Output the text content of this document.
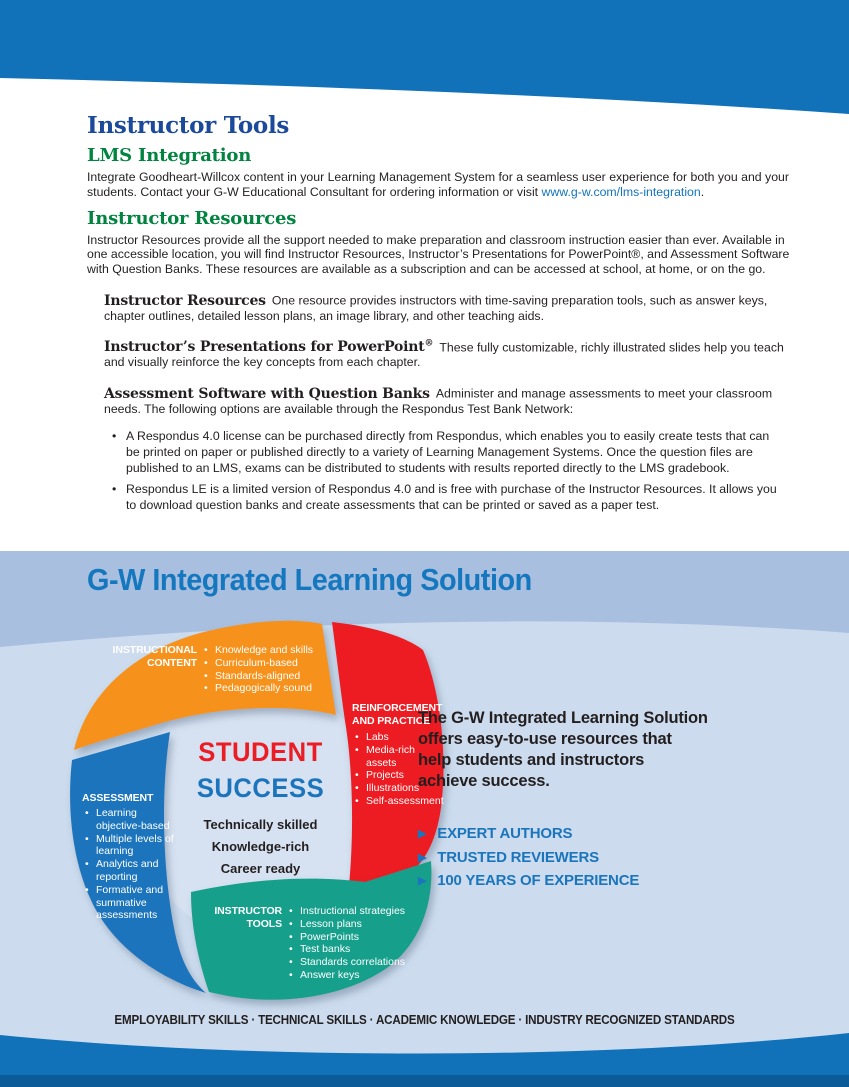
Instructor Tools
LMS Integration

Integrate Goodheart-Willcox content in your Learning Management System for a seamless user experience for both you and your students. Contact your G-W Educational Consultant for ordering information or visit www.g-w.com/lms-integration.

Instructor Resources

Instructor Resources provide all the support needed to make preparation and classroom instruction easier than ever. Available in one accessible location, you will find Instructor Resources, Instructor’s Presentations for PowerPoint®, and Assessment Software with Question Banks. These resources are available as a subscription and can be accessed at school, at home, or on the go.

Instructor Resources One resource provides instructors with time-saving preparation tools, such as answer keys, chapter outlines, detailed lesson plans, an image library, and other teaching aids.

Instructor’s Presentations for PowerPoint® These fully customizable, richly illustrated slides help you teach and visually reinforce the key concepts from each chapter.

Assessment Software with Question Banks Administer and manage assessments to meet your classroom needs. The following options are available through the Respondus Test Bank Network:

• A Respondus 4.0 license can be purchased directly from Respondus, which enables you to easily create tests that can be printed on paper or published directly to a variety of Learning Management Systems. Once the question files are published to an LMS, exams can be distributed to students with results reported directly to the LMS gradebook.
• Respondus LE is a limited version of Respondus 4.0 and is free with purchase of the Instructor Resources. It allows you to download question banks and create assessments that can be printed or saved as a paper test.
G-W Integrated Learning Solution
INSTRUCTIONAL
CONTENT
• Knowledge and skills
• Curriculum-based
• Standards-aligned
• Pedagogically sound
REINFORCEMENT
AND PRACTICE
• Labs
• Media-rich assets
• Projects
• Illustrations
• Self-assessment
ASSESSMENT
• Learning objective-based
• Multiple levels of learning
• Analytics and reporting
• Formative and summative assessments	INSTRUCTOR
TOOLS
• Instructional strategies
• Lesson plans
• PowerPoints
• Test banks
• Standards correlations
• Answer keys
STUDENT
SUCCESS
Technically skilled
Knowledge-rich
Career ready
The G-W Integrated Learning Solution
offers easy-to-use resources that
help students and instructors
achieve success.
▶ EXPERT AUTHORS
▶ TRUSTED REVIEWERS
▶ 100 YEARS OF EXPERIENCE
EMPLOYABILITY SKILLS · TECHNICAL SKILLS · ACADEMIC KNOWLEDGE · INDUSTRY RECOGNIZED STANDARDS
